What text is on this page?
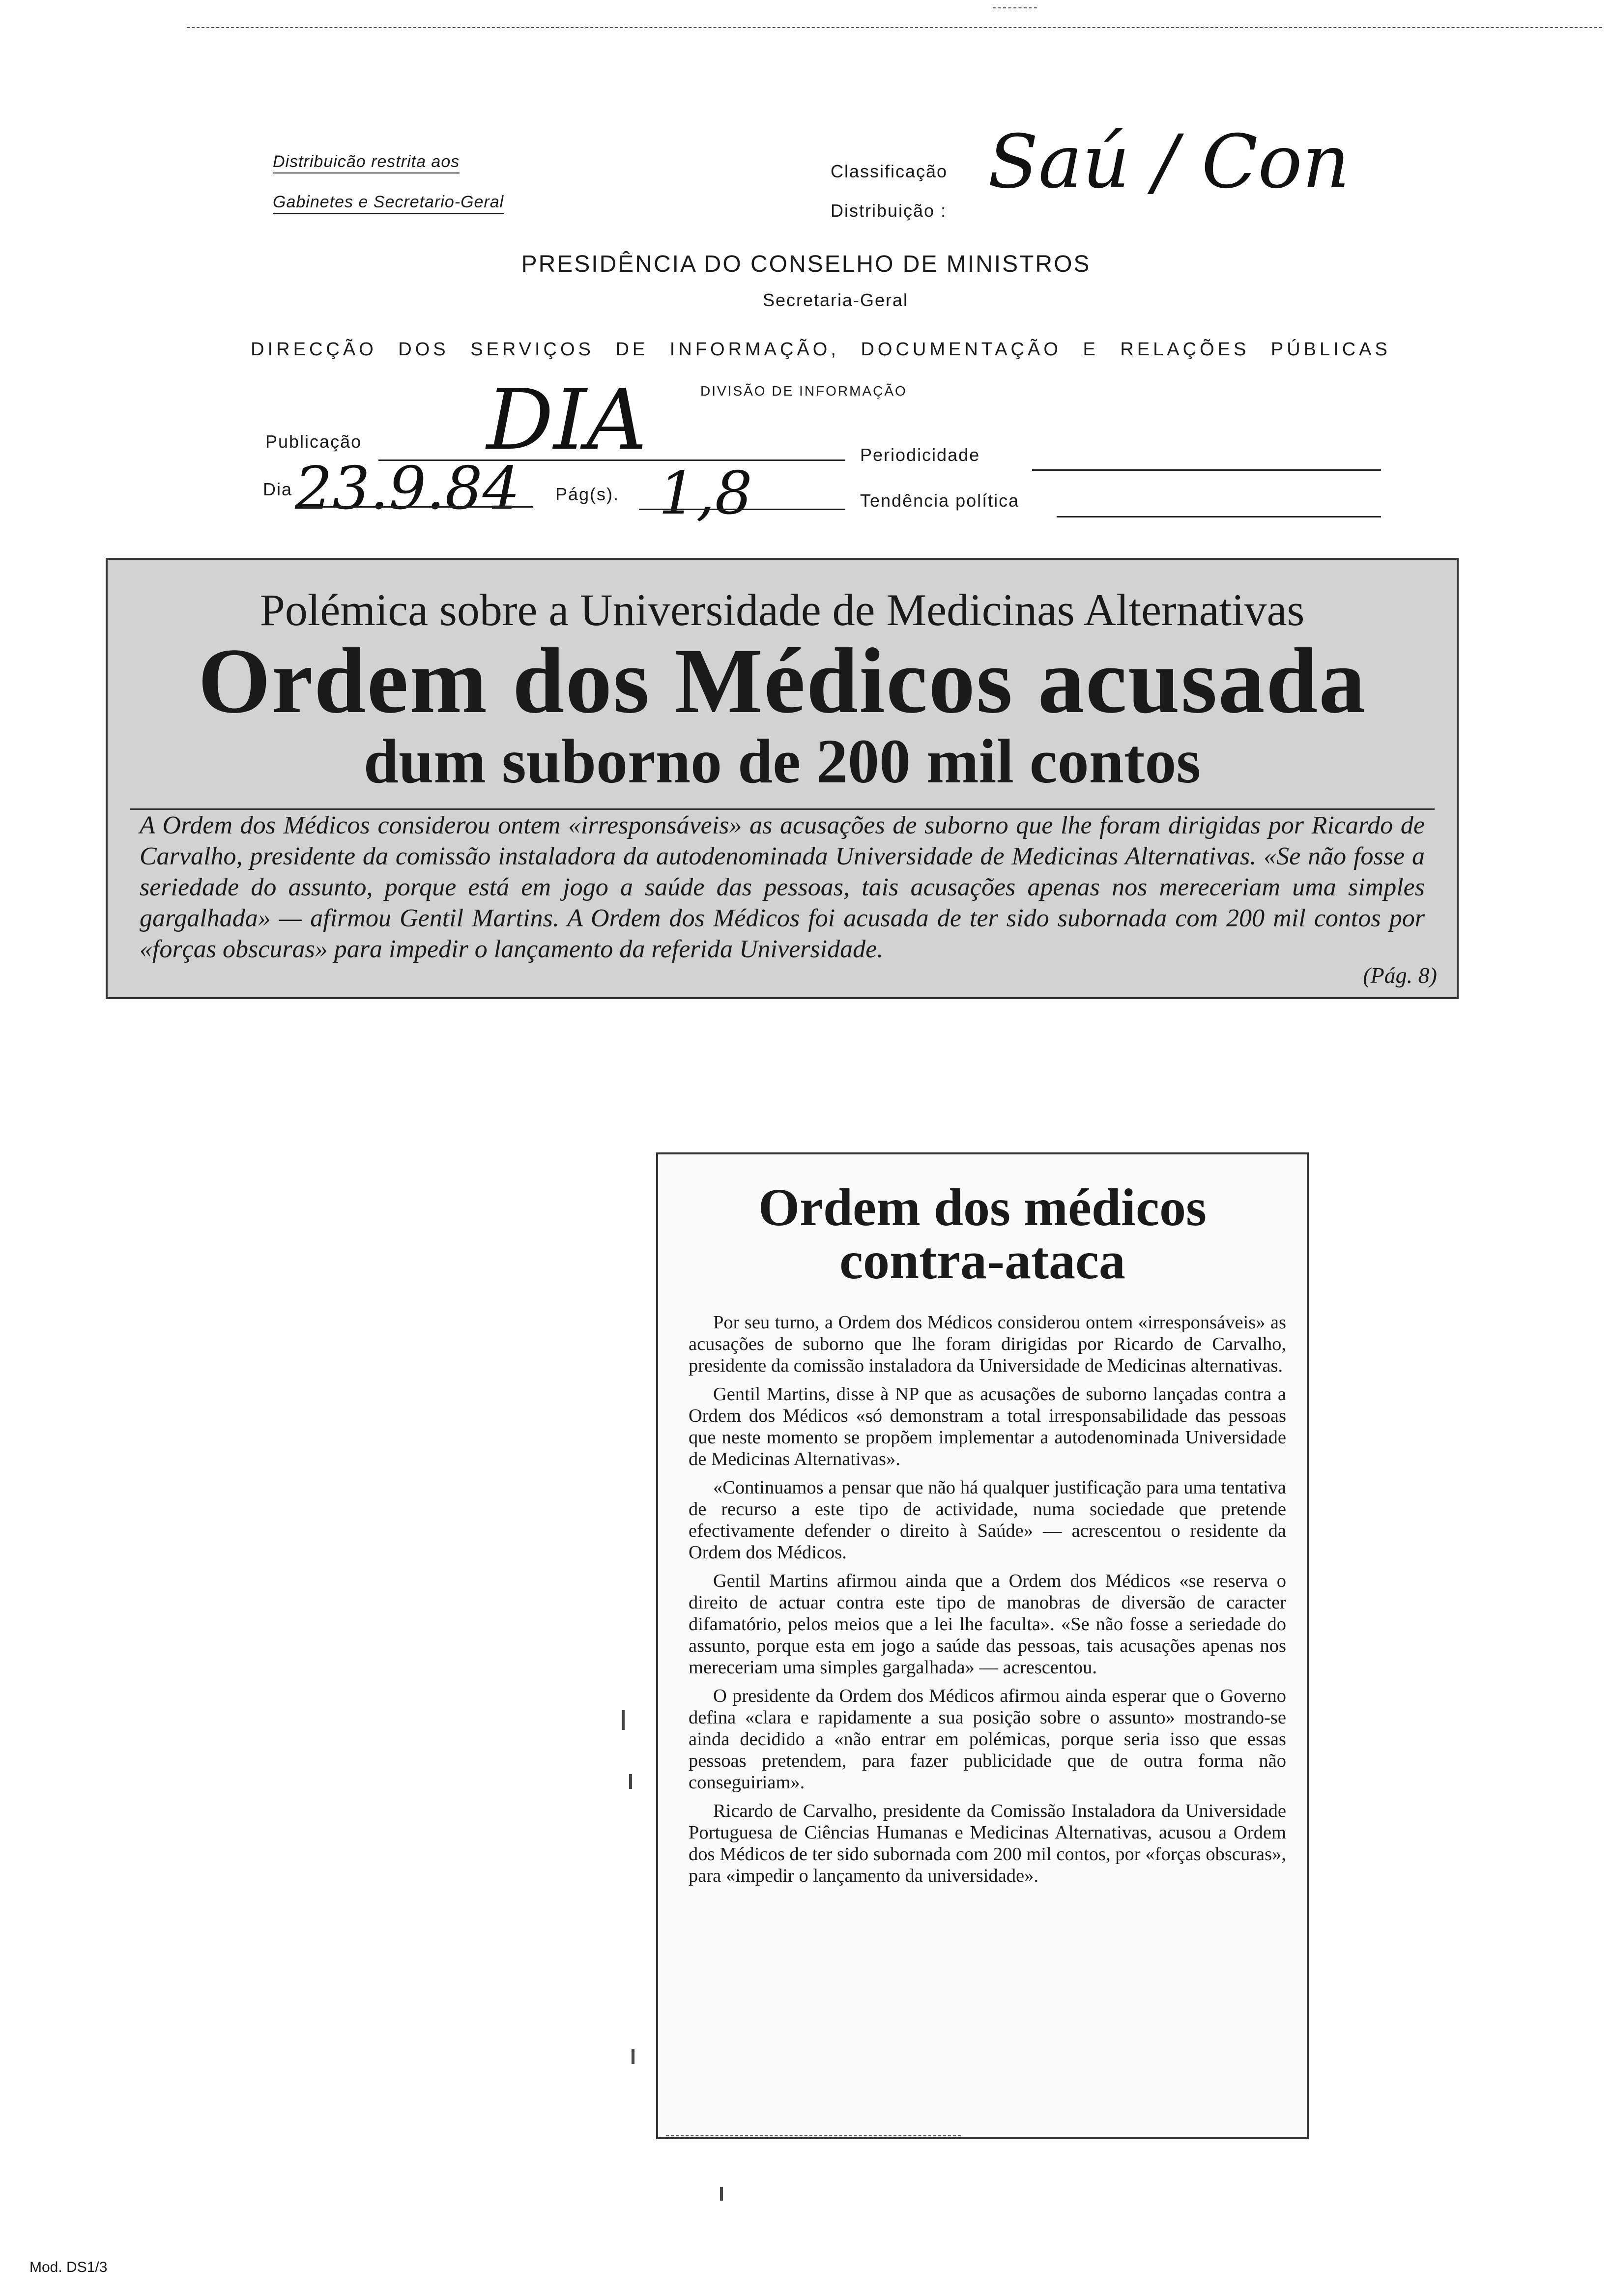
Distribuicão restrita aos
Gabinetes e Secretario-Geral
Classificação Saú / Con
Distribuição :
PRESIDÊNCIA DO CONSELHO DE MINISTROS
Secretaria-Geral
DIRECÇÃO DOS SERVIÇOS DE INFORMAÇÃO, DOCUMENTAÇÃO E RELAÇÕES PÚBLICAS
DIVISÃO DE INFORMAÇÃO
Publicação DIA
Dia 23.9.84 Pág(s). 1,8
Periodicidade
Tendência política

Polémica sobre a Universidade de Medicinas Alternativas

Ordem dos Médicos acusada

dum suborno de 200 mil contos

A Ordem dos Médicos considerou ontem «irresponsáveis» as acusações de suborno que lhe foram dirigidas por Ricardo de Carvalho, presidente da comissão instaladora da autodenominada Universidade de Medicinas Alternativas. «Se não fosse a seriedade do assunto, porque está em jogo a saúde das pessoas, tais acusações apenas nos mereceriam uma simples gargalhada» — afirmou Gentil Martins. A Ordem dos Médicos foi acusada de ter sido subornada com 200 mil contos por «forças obscuras» para impedir o lançamento da referida Universidade.
(Pág. 8)
Ordem dos médicos
contra-ataca

Por seu turno, a Ordem dos Médicos considerou ontem «irresponsáveis» as acusações de suborno que lhe foram dirigidas por Ricardo de Carvalho, presidente da comissão instaladora da Universidade de Medicinas alternativas.

Gentil Martins, disse à NP que as acusações de suborno lançadas contra a Ordem dos Médicos «só demonstram a total irresponsabilidade das pessoas que neste momento se propõem implementar a autodenominada Universidade de Medicinas Alternativas».

«Continuamos a pensar que não há qualquer justificação para uma tentativa de recurso a este tipo de actividade, numa sociedade que pretende efectivamente defender o direito à Saúde» — acrescentou o residente da Ordem dos Médicos.

Gentil Martins afirmou ainda que a Ordem dos Médicos «se reserva o direito de actuar contra este tipo de manobras de diversão de caracter difamatório, pelos meios que a lei lhe faculta». «Se não fosse a seriedade do assunto, porque esta em jogo a saúde das pessoas, tais acusações apenas nos mereceriam uma simples gargalhada» — acrescentou.

O presidente da Ordem dos Médicos afirmou ainda esperar que o Governo defina «clara e rapidamente a sua posição sobre o assunto» mostrando-se ainda decidido a «não entrar em polémicas, porque seria isso que essas pessoas pretendem, para fazer publicidade que de outra forma não conseguiriam».

Ricardo de Carvalho, presidente da Comissão Instaladora da Universidade Portuguesa de Ciências Humanas e Medicinas Alternativas, acusou a Ordem dos Médicos de ter sido subornada com 200 mil contos, por «forças obscuras», para «impedir o lançamento da universidade».

Mod. DS1/3
